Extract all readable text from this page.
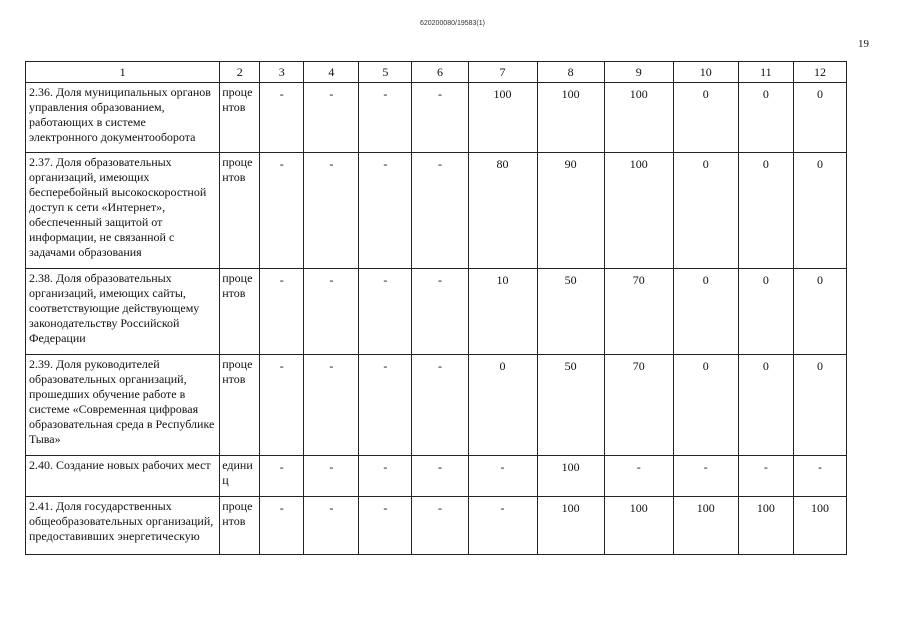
620200080/19583(1)
19
1	2	3	4	5	6	7	8	9	10	11	12
2.36. Доля муниципальных органов управления образованием, работающих в системе электронного документооборота	процентов	-	-	-	-	100	100	100	0	0	0
2.37. Доля образовательных организаций, имеющих бесперебойный высокоскоростной доступ к сети «Интернет», обеспеченный защитой от информации, не связанной с задачами образования	процентов	-	-	-	-	80	90	100	0	0	0
2.38. Доля образовательных организаций, имеющих сайты, соответствующие действующему законодательству Российской Федерации	процентов	-	-	-	-	10	50	70	0	0	0
2.39. Доля руководителей образовательных организаций, прошедших обучение работе в системе «Современная цифровая образовательная среда в Республике Тыва»	процентов	-	-	-	-	0	50	70	0	0	0
2.40. Создание новых рабочих мест	единиц	-	-	-	-	-	100	-	-	-	-
2.41. Доля государственных общеобразовательных организаций, предоставивших энергетическую	процентов	-	-	-	-	-	100	100	100	100	100
